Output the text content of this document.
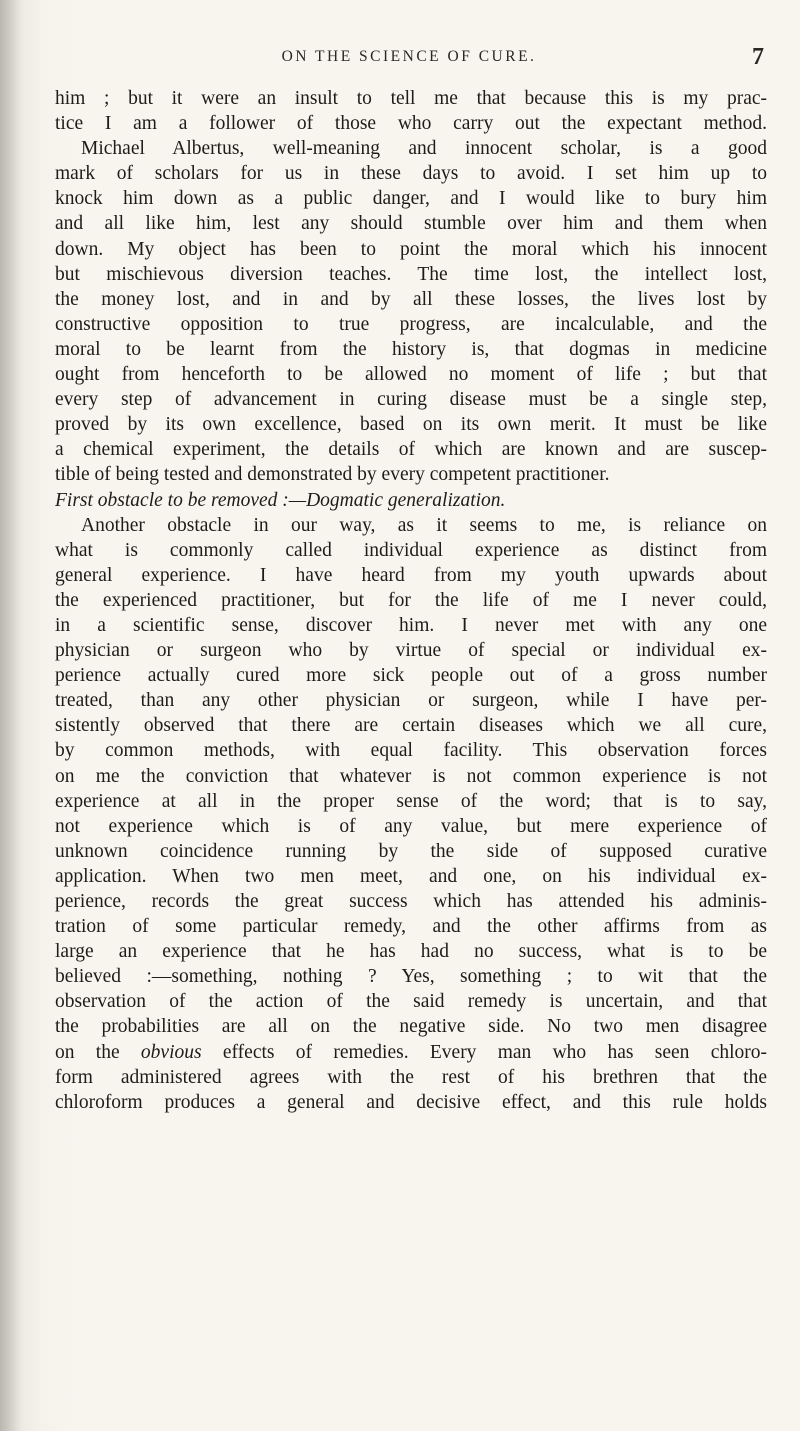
ON THE SCIENCE OF CURE.	7
him ; but it were an insult to tell me that because this is my prac-
tice I am a follower of those who carry out the expectant method.
Michael Albertus, well-meaning and innocent scholar, is a good
mark of scholars for us in these days to avoid. I set him up to
knock him down as a public danger, and I would like to bury him
and all like him, lest any should stumble over him and them when
down. My object has been to point the moral which his innocent
but mischievous diversion teaches. The time lost, the intellect lost,
the money lost, and in and by all these losses, the lives lost by
constructive opposition to true progress, are incalculable, and the
moral to be learnt from the history is, that dogmas in medicine
ought from henceforth to be allowed no moment of life ; but that
every step of advancement in curing disease must be a single step,
proved by its own excellence, based on its own merit. It must be like
a chemical experiment, the details of which are known and are suscep-
tible of being tested and demonstrated by every competent practitioner.
First obstacle to be removed :—Dogmatic generalization.
Another obstacle in our way, as it seems to me, is reliance on
what is commonly called individual experience as distinct from
general experience. I have heard from my youth upwards about
the experienced practitioner, but for the life of me I never could,
in a scientific sense, discover him. I never met with any one
physician or surgeon who by virtue of special or individual ex-
perience actually cured more sick people out of a gross number
treated, than any other physician or surgeon, while I have per-
sistently observed that there are certain diseases which we all cure,
by common methods, with equal facility. This observation forces
on me the conviction that whatever is not common experience is not
experience at all in the proper sense of the word; that is to say,
not experience which is of any value, but mere experience of
unknown coincidence running by the side of supposed curative
application. When two men meet, and one, on his individual ex-
perience, records the great success which has attended his adminis-
tration of some particular remedy, and the other affirms from as
large an experience that he has had no success, what is to be
believed :—something, nothing ? Yes, something ; to wit that the
observation of the action of the said remedy is uncertain, and that
the probabilities are all on the negative side. No two men disagree
on the obvious effects of remedies. Every man who has seen chloro-
form administered agrees with the rest of his brethren that the
chloroform produces a general and decisive effect, and this rule holds
